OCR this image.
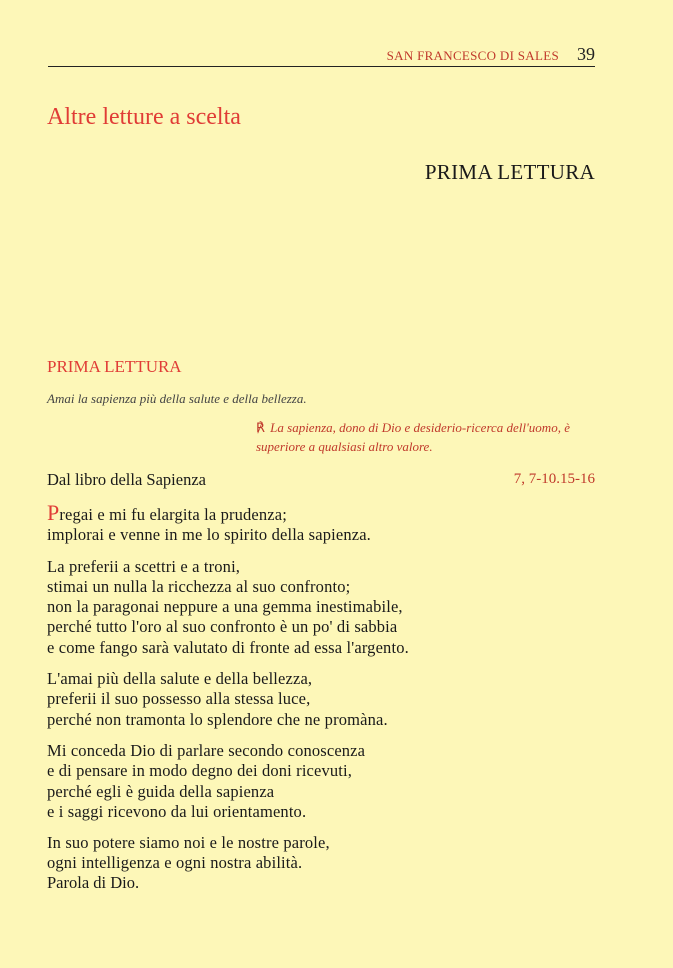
SAN FRANCESCO DI SALES 39
Altre letture a scelta
PRIMA LETTURA
PRIMA LETTURA
Amai la sapienza più della salute e della bellezza.
℟ La sapienza, dono di Dio e desiderio-ricerca dell'uomo, è superiore a qualsiasi altro valore.
Dal libro della Sapienza	7, 7-10.15-16
Pregai e mi fu elargita la prudenza;
implorai e venne in me lo spirito della sapienza.
La preferii a scettri e a troni,
stimai un nulla la ricchezza al suo confronto;
non la paragonai neppure a una gemma inestimabile,
perché tutto l'oro al suo confronto è un po' di sabbia
e come fango sarà valutato di fronte ad essa l'argento.
L'amai più della salute e della bellezza,
preferii il suo possesso alla stessa luce,
perché non tramonta lo splendore che ne promàna.
Mi conceda Dio di parlare secondo conoscenza
e di pensare in modo degno dei doni ricevuti,
perché egli è guida della sapienza
e i saggi ricevono da lui orientamento.
In suo potere siamo noi e le nostre parole,
ogni intelligenza e ogni nostra abilità.
Parola di Dio.
